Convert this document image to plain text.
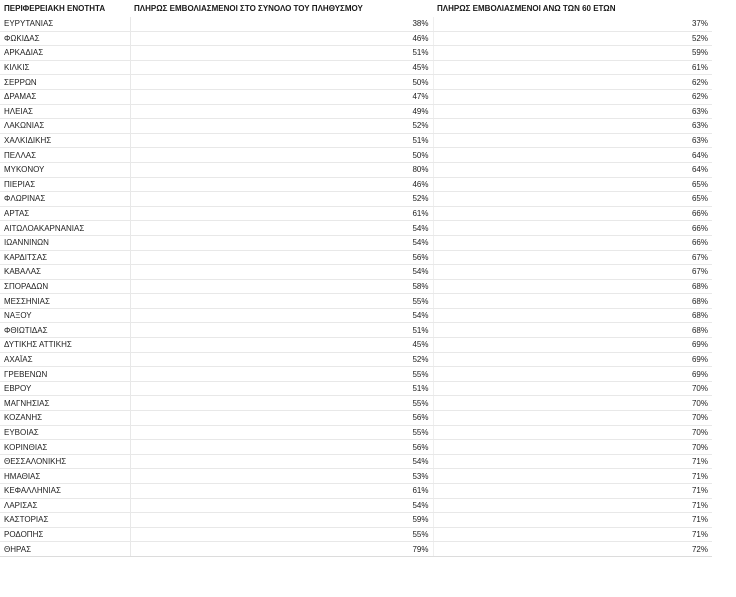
ΠΕΡΙΦΕΡΕΙΑΚΗ ΕΝΟΤΗΤΑ	ΠΛΗΡΩΣ ΕΜΒΟΛΙΑΣΜΕΝΟΙ ΣΤΟ ΣΥΝΟΛΟ ΤΟΥ ΠΛΗΘΥΣΜΟΥ	ΠΛΗΡΩΣ ΕΜΒΟΛΙΑΣΜΕΝΟΙ ΑΝΩ ΤΩΝ 60 ΕΤΩΝ
ΕΥΡΥΤΑΝΙΑΣ	38%	37%
ΦΩΚΙΔΑΣ	46%	52%
ΑΡΚΑΔΙΑΣ	51%	59%
ΚΙΛΚΙΣ	45%	61%
ΣΕΡΡΩΝ	50%	62%
ΔΡΑΜΑΣ	47%	62%
ΗΛΕΙΑΣ	49%	63%
ΛΑΚΩΝΙΑΣ	52%	63%
ΧΑΛΚΙΔΙΚΗΣ	51%	63%
ΠΕΛΛΑΣ	50%	64%
ΜΥΚΟΝΟΥ	80%	64%
ΠΙΕΡΙΑΣ	46%	65%
ΦΛΩΡΙΝΑΣ	52%	65%
ΑΡΤΑΣ	61%	66%
ΑΙΤΩΛΟΑΚΑΡΝΑΝΙΑΣ	54%	66%
ΙΩΑΝΝΙΝΩΝ	54%	66%
ΚΑΡΔΙΤΣΑΣ	56%	67%
ΚΑΒΑΛΑΣ	54%	67%
ΣΠΟΡΑΔΩΝ	58%	68%
ΜΕΣΣΗΝΙΑΣ	55%	68%
ΝΑΞΟΥ	54%	68%
ΦΘΙΩΤΙΔΑΣ	51%	68%
ΔΥΤΙΚΗΣ ΑΤΤΙΚΗΣ	45%	69%
ΑΧΑΪΑΣ	52%	69%
ΓΡΕΒΕΝΩΝ	55%	69%
ΕΒΡΟΥ	51%	70%
ΜΑΓΝΗΣΙΑΣ	55%	70%
ΚΟΖΑΝΗΣ	56%	70%
ΕΥΒΟΙΑΣ	55%	70%
ΚΟΡΙΝΘΙΑΣ	56%	70%
ΘΕΣΣΑΛΟΝΙΚΗΣ	54%	71%
ΗΜΑΘΙΑΣ	53%	71%
ΚΕΦΑΛΛΗΝΙΑΣ	61%	71%
ΛΑΡΙΣΑΣ	54%	71%
ΚΑΣΤΟΡΙΑΣ	59%	71%
ΡΟΔΟΠΗΣ	55%	71%
ΘΗΡΑΣ	79%	72%
